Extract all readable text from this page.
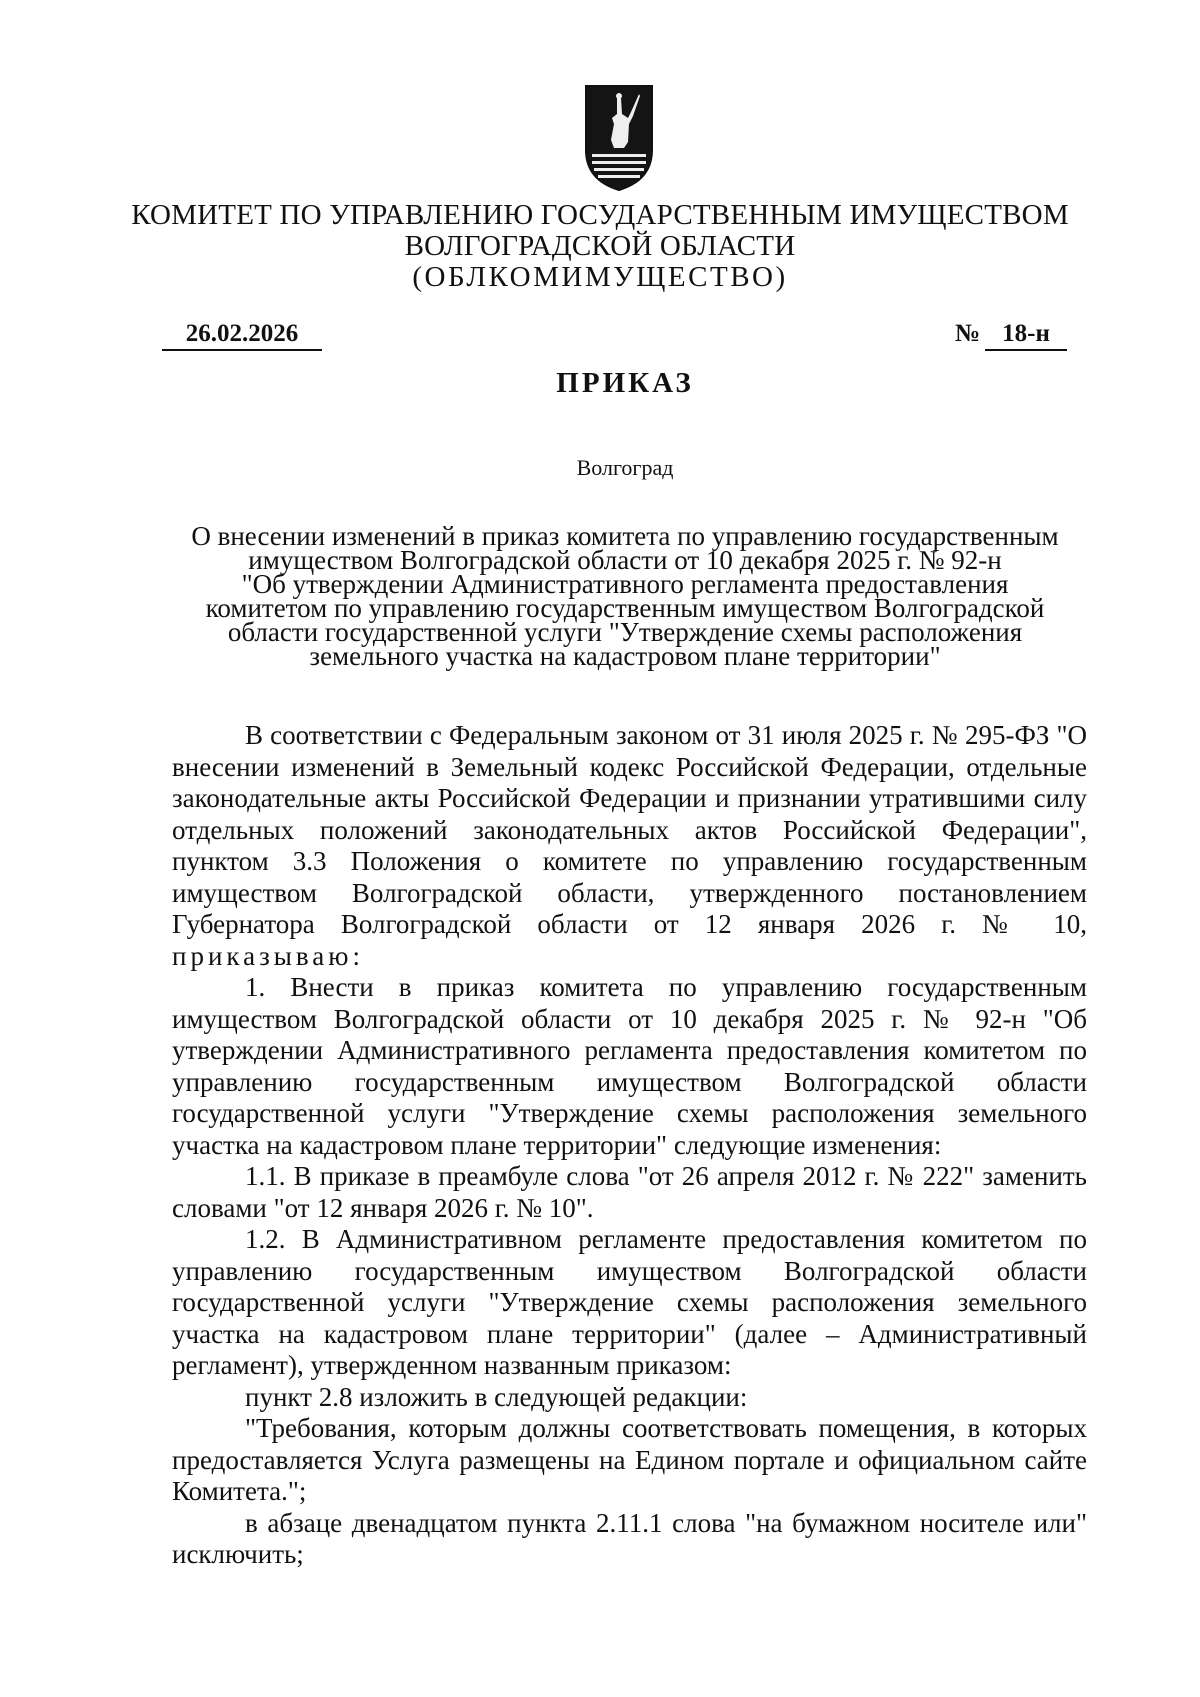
КОМИТЕТ ПО УПРАВЛЕНИЮ ГОСУДАРСТВЕННЫМ ИМУЩЕСТВОМ
ВОЛГОГРАДСКОЙ ОБЛАСТИ
(ОБЛКОМИМУЩЕСТВО)
26.02.2026	№ 18-н
ПРИКАЗ
Волгоград
О внесении изменений в приказ комитета по управлению государственным
имуществом Волгоградской области от 10 декабря 2025 г. № 92-н
"Об утверждении Административного регламента предоставления
комитетом по управлению государственным имуществом Волгоградской
области государственной услуги "Утверждение схемы расположения
земельного участка на кадастровом плане территории"

В соответствии с Федеральным законом от 31 июля 2025 г. № 295-ФЗ "О внесении изменений в Земельный кодекс Российской Федерации, отдельные законодательные акты Российской Федерации и признании утратившими силу отдельных положений законодательных актов Российской Федерации", пунктом 3.3 Положения о комитете по управлению государственным имуществом Волгоградской области, утвержденного постановлением Губернатора Волгоградской области от 12 января 2026 г. № 10, приказываю:

1. Внести в приказ комитета по управлению государственным имуществом Волгоградской области от 10 декабря 2025 г. № 92-н "Об утверждении Административного регламента предоставления комитетом по управлению государственным имуществом Волгоградской области государственной услуги "Утверждение схемы расположения земельного участка на кадастровом плане территории" следующие изменения:

1.1. В приказе в преамбуле слова "от 26 апреля 2012 г. № 222" заменить словами "от 12 января 2026 г. № 10".

1.2. В Административном регламенте предоставления комитетом по управлению государственным имуществом Волгоградской области государственной услуги "Утверждение схемы расположения земельного участка на кадастровом плане территории" (далее – Административный регламент), утвержденном названным приказом:

пункт 2.8 изложить в следующей редакции:

"Требования, которым должны соответствовать помещения, в которых предоставляется Услуга размещены на Едином портале и официальном сайте Комитета.";

в абзаце двенадцатом пункта 2.11.1 слова "на бумажном носителе или" исключить;
